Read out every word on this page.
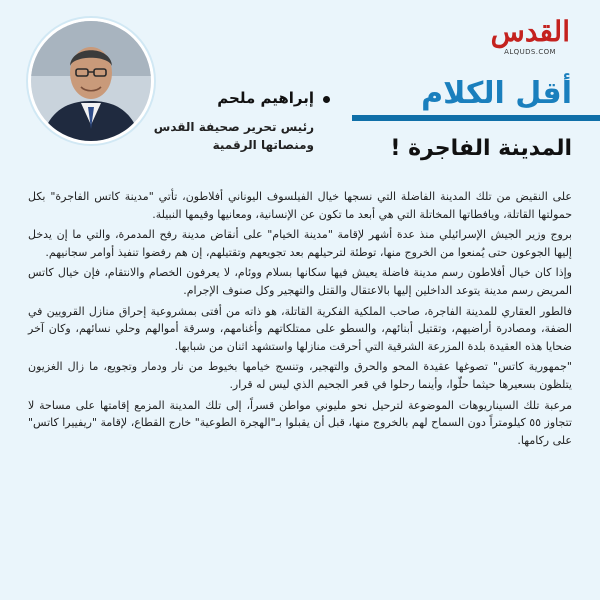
القدس
ALQUDS.COM
أقل الكلام
إبراهيم ملحم
رئيس تحرير صحيفة القدس
ومنصاتها الرقمية	المدينة الفاجرة !

على النقيض من تلك المدينة الفاضلة التي نسجها خيال الفيلسوف اليوناني أفلاطون، تأتي "مدينة كاتس الفاجرة" بكل حمولتها القاتلة، ويافطاتها المخاتلة التي هي أبعد ما تكون عن الإنسانية، ومعانيها وقيمها النبيلة.

بروج وزير الجيش الإسرائيلي منذ عدة أشهر لإقامة "مدينة الخيام" على أنقاض مدينة رفح المدمرة، والتي ما إن يدخل إليها الجوعون حتى يُمنعوا من الخروج منها، توطئة لترحيلهم بعد تجويعهم وتقتيلهم، إن هم رفضوا تنفيذ أوامر سجانيهم.

وإذا كان خيال أفلاطون رسم مدينة فاضلة يعيش فيها سكانها بسلام ووئام، لا يعرفون الخصام والانتقام، فإن خيال كاتس المريض رسم مدينة يتوعد الداخلين إليها بالاعتقال والقتل والتهجير وكل صنوف الإجرام.

فالطور العقاري للمدينة الفاجرة، صاحب الملكية الفكرية القاتلة، هو ذاته من أفتى بمشروعية إحراق منازل القرويين في الضفة، ومصادرة أراضيهم، وتقتيل أبنائهم، والسطو على ممتلكاتهم وأغنامهم، وسرقة أموالهم وحلي نسائهم، وكان آخر ضحايا هذه العقيدة بلدة المزرعة الشرقية التي أحرقت منازلها واستشهد اثنان من شبابها.

"جمهورية كاتس" تصوغها عقيدة المحو والحرق والتهجير، وتنسج خيامها بخيوط من نار ودمار وتجويع، ما زال الغزيون يتلظون بسعيرها حيثما حلّوا، وأينما رحلوا في قعر الجحيم الذي ليس له قرار.

مرعبة تلك السيناريوهات الموضوعة لترحيل نحو مليوني مواطن قسراً، إلى تلك المدينة المزمع إقامتها على مساحة لا تتجاوز ٥٥ كيلومتراً دون السماح لهم بالخروج منها، قبل أن يقبلوا بـ"الهجرة الطوعية" خارج القطاع، لإقامة "ريفييرا كاتس" على ركامها.
